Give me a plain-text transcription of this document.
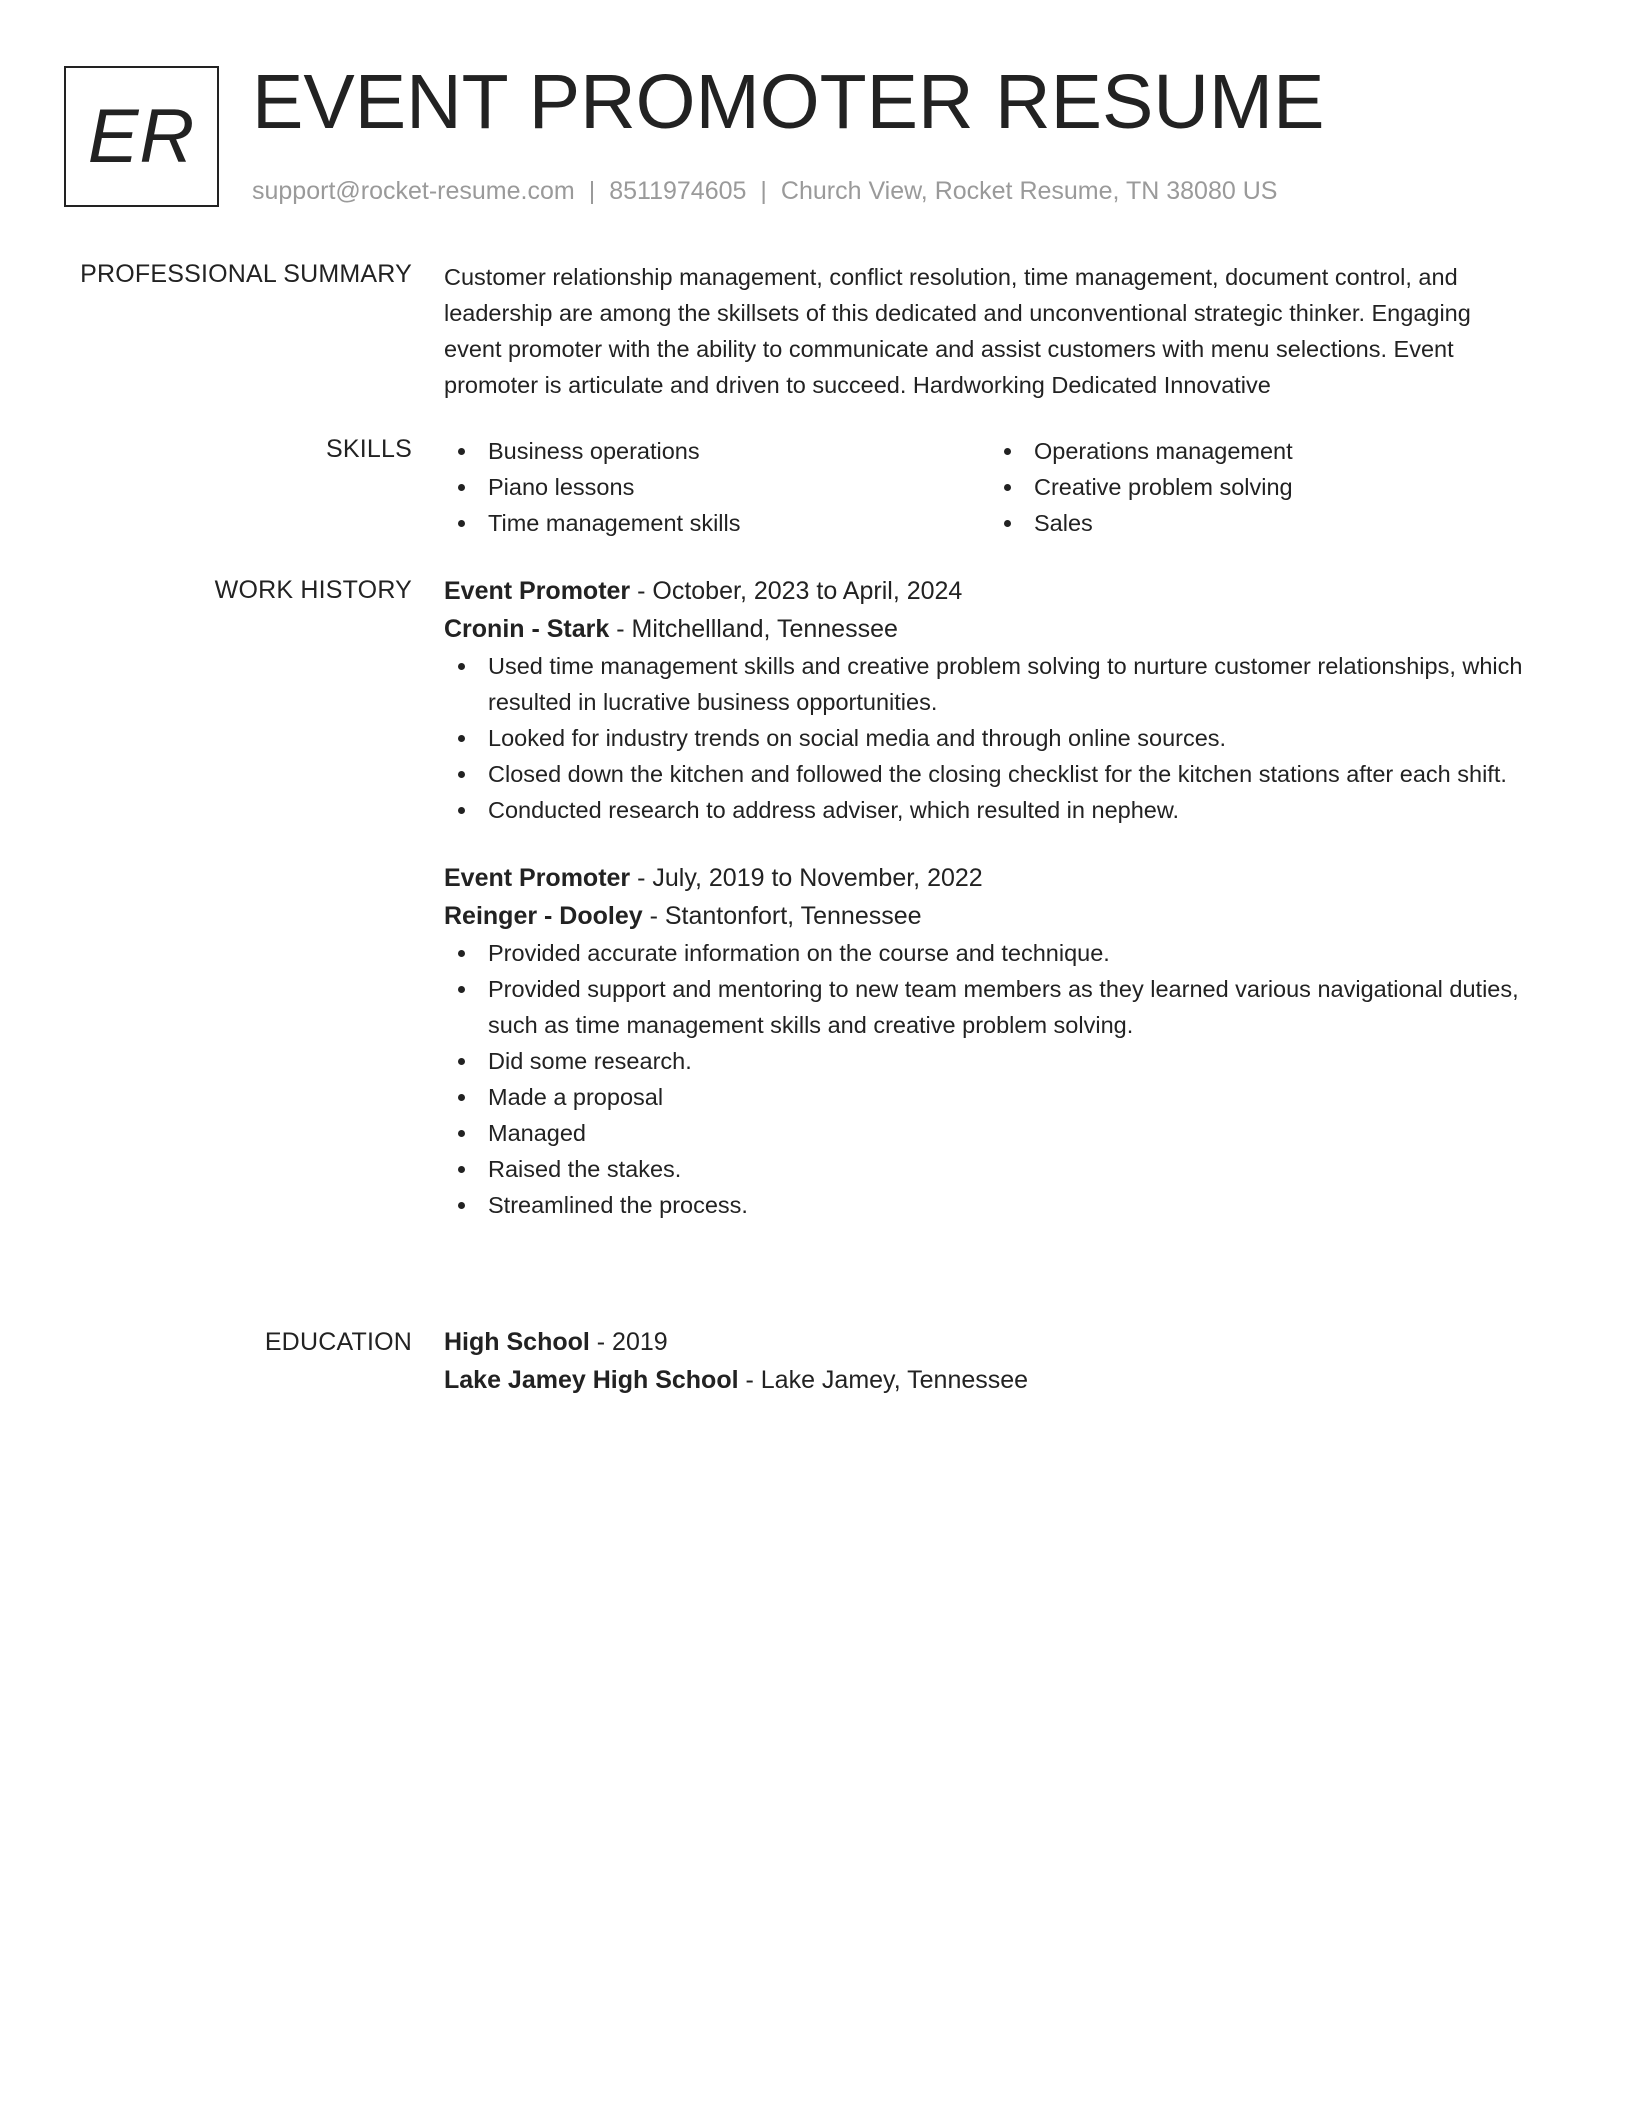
ER EVENT PROMOTER RESUME
support@rocket-resume.com | 8511974605 | Church View, Rocket Resume, TN 38080 US
PROFESSIONAL SUMMARY Customer relationship management, conflict resolution, time management, document control, and leadership are among the skillsets of this dedicated and unconventional strategic thinker. Engaging event promoter with the ability to communicate and assist customers with menu selections. Event promoter is articulate and driven to succeed. Hardworking Dedicated Innovative

SKILLS	Business operations
Piano lessons
Time management skills
Operations management
Creative problem solving
Sales
WORK HISTORY Event Promoter - October, 2023 to April, 2024
Cronin - Stark - Mitchellland, Tennessee
Used time management skills and creative problem solving to nurture customer relationships, which resulted in lucrative business opportunities.
Looked for industry trends on social media and through online sources.
Closed down the kitchen and followed the closing checklist for the kitchen stations after each shift.
Conducted research to address adviser, which resulted in nephew.
Event Promoter - July, 2019 to November, 2022
Reinger - Dooley - Stantonfort, Tennessee
Provided accurate information on the course and technique.
Provided support and mentoring to new team members as they learned various navigational duties, such as time management skills and creative problem solving.
Did some research.
Made a proposal
Managed
Raised the stakes.
Streamlined the process.
EDUCATION High School - 2019
Lake Jamey High School - Lake Jamey, Tennessee
